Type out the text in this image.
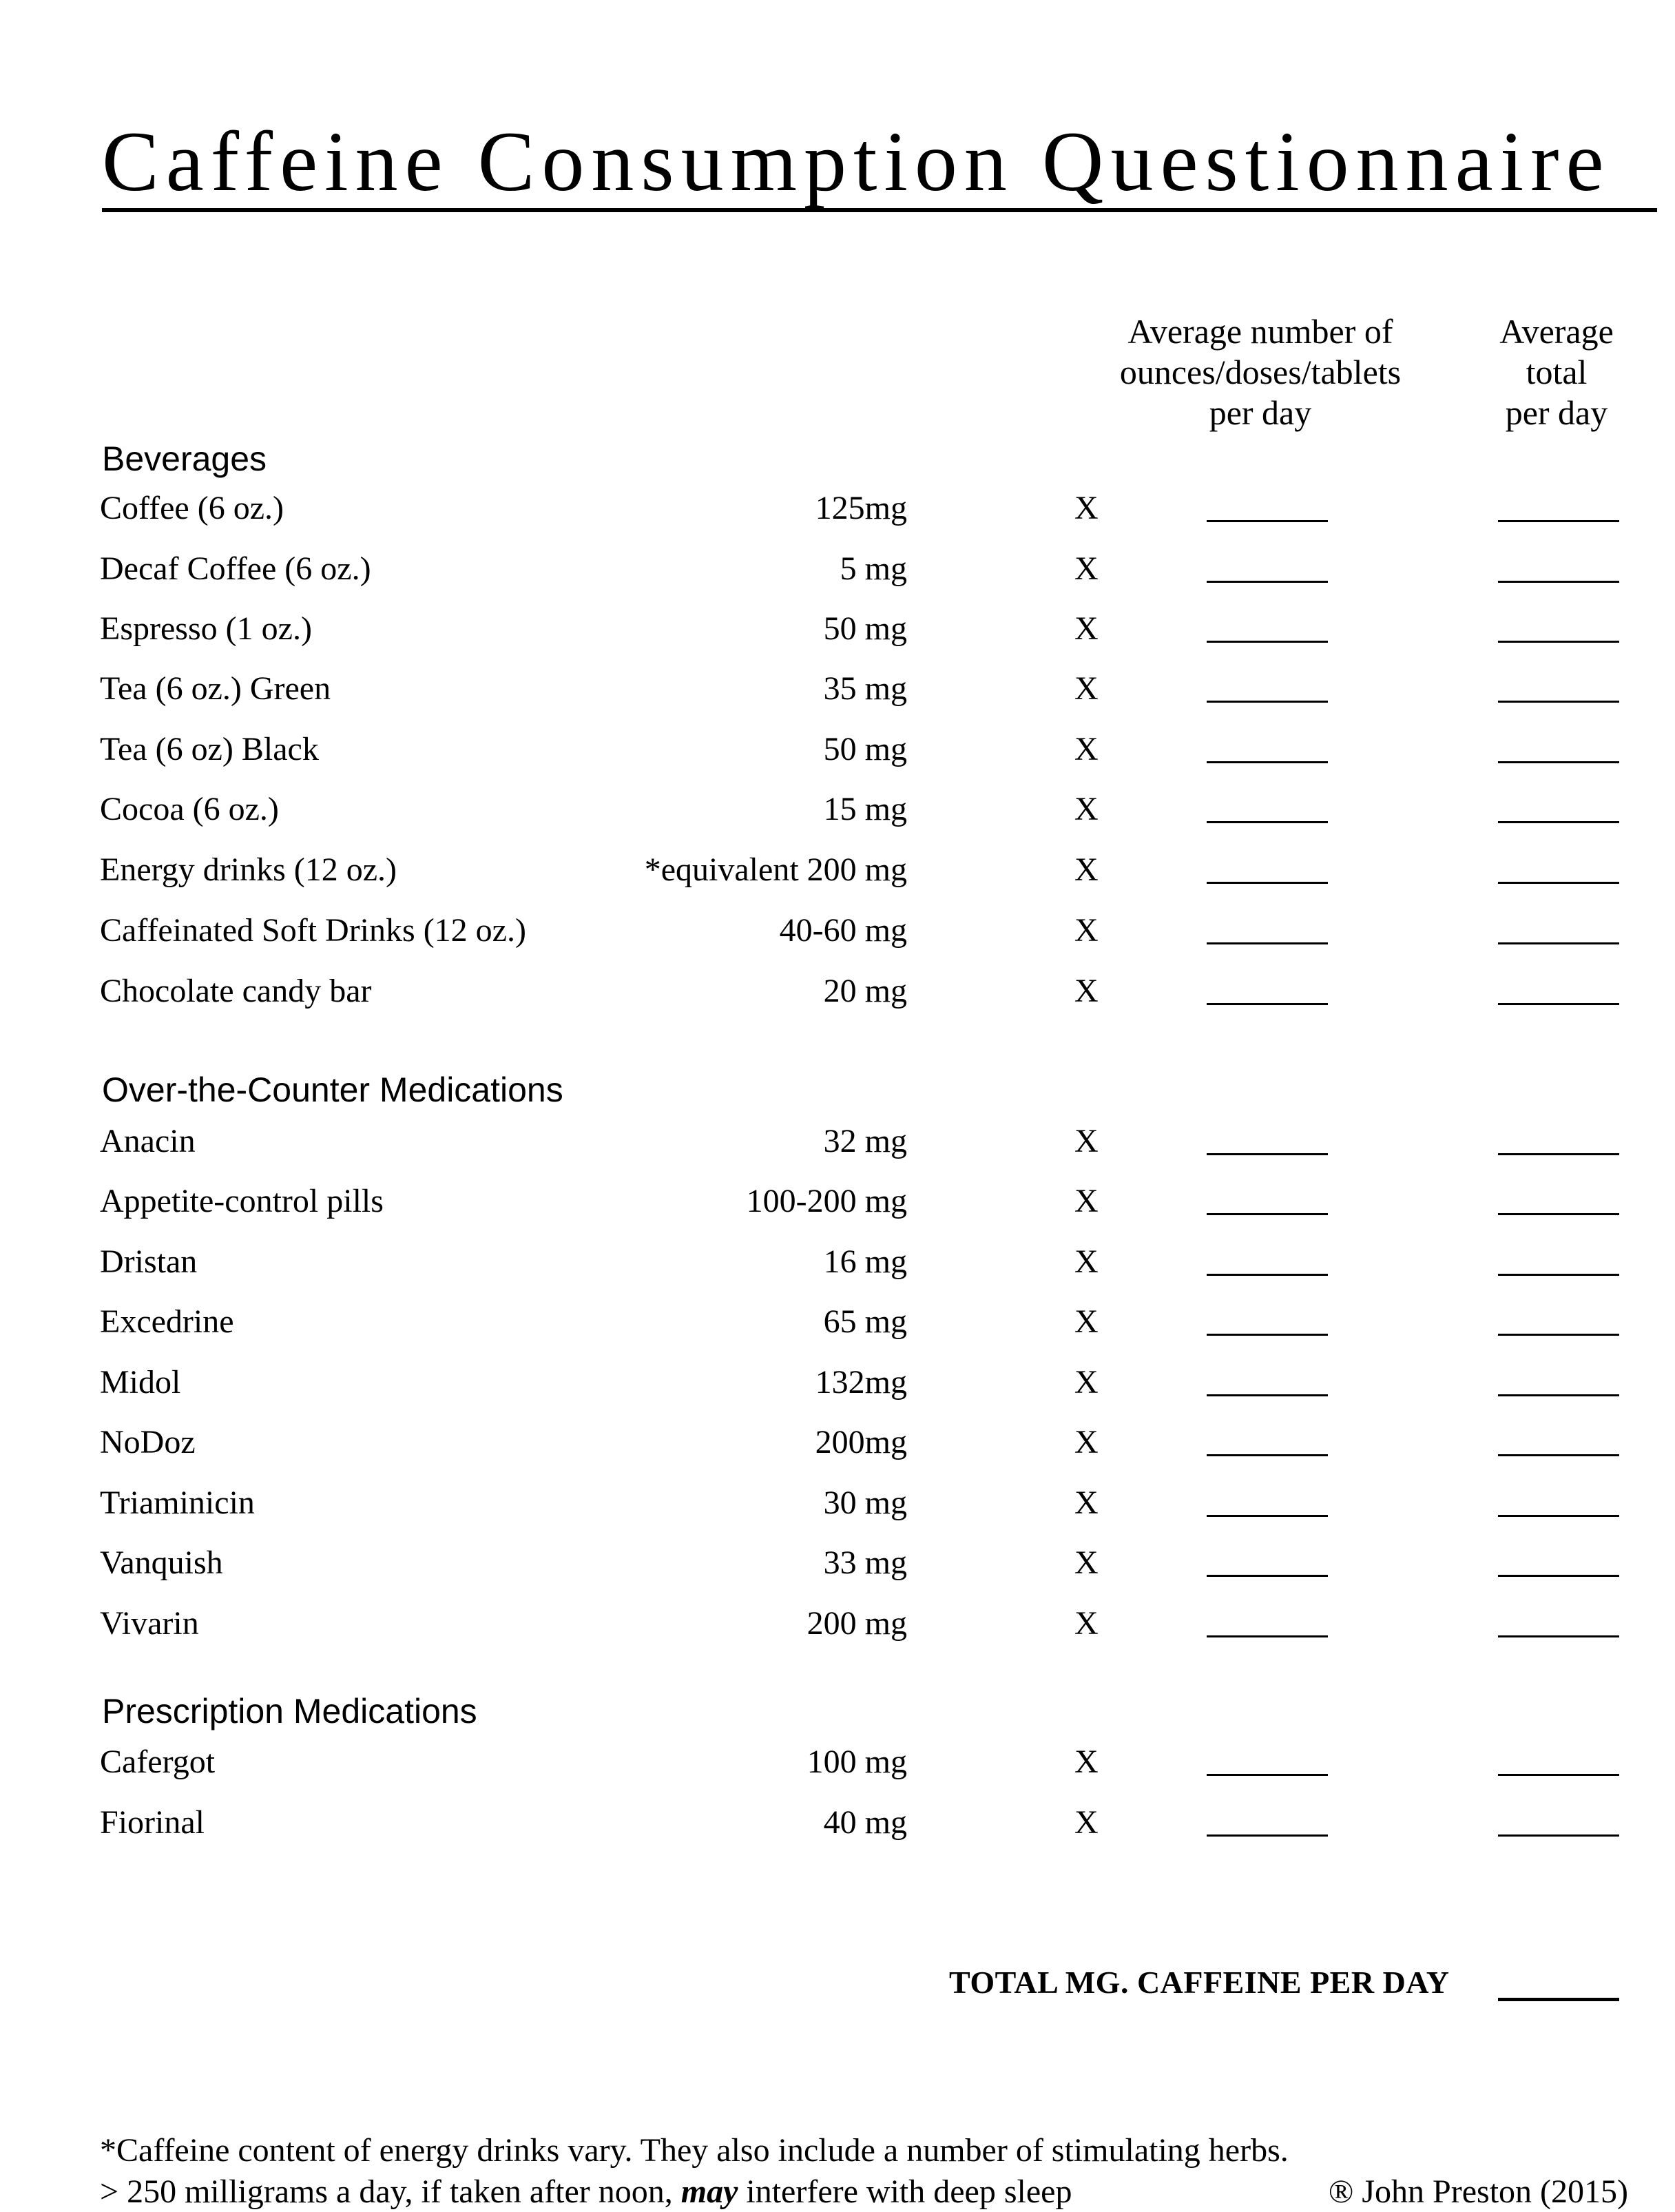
Caffeine Consumption Questionnaire
Average number of
ounces/doses/tablets
per day
Average
total
per day
Beverages
Coffee (6 oz.)	125mg	X
Decaf Coffee (6 oz.)	5 mg	X
Espresso (1 oz.)	50 mg	X
Tea (6 oz.) Green	35 mg	X
Tea (6 oz) Black	50 mg	X
Cocoa (6 oz.)	15 mg	X
Energy drinks (12 oz.)	*equivalent 200 mg	X
Caffeinated Soft Drinks (12 oz.)	40-60 mg	X
Chocolate candy bar	20 mg	X
Over-the-Counter Medications
Anacin	32 mg	X
Appetite-control pills	100-200 mg	X
Dristan	16 mg	X
Excedrine	65 mg	X
Midol	132mg	X
NoDoz	200mg	X
Triaminicin	30 mg	X
Vanquish	33 mg	X
Vivarin	200 mg	X
Prescription Medications
Cafergot	100 mg	X
Fiorinal	40 mg	X
TOTAL MG. CAFFEINE PER DAY
*Caffeine content of energy drinks vary. They also include a number of stimulating herbs.
> 250 milligrams a day, if taken after noon, may interfere with deep sleep	® John Preston (2015)
